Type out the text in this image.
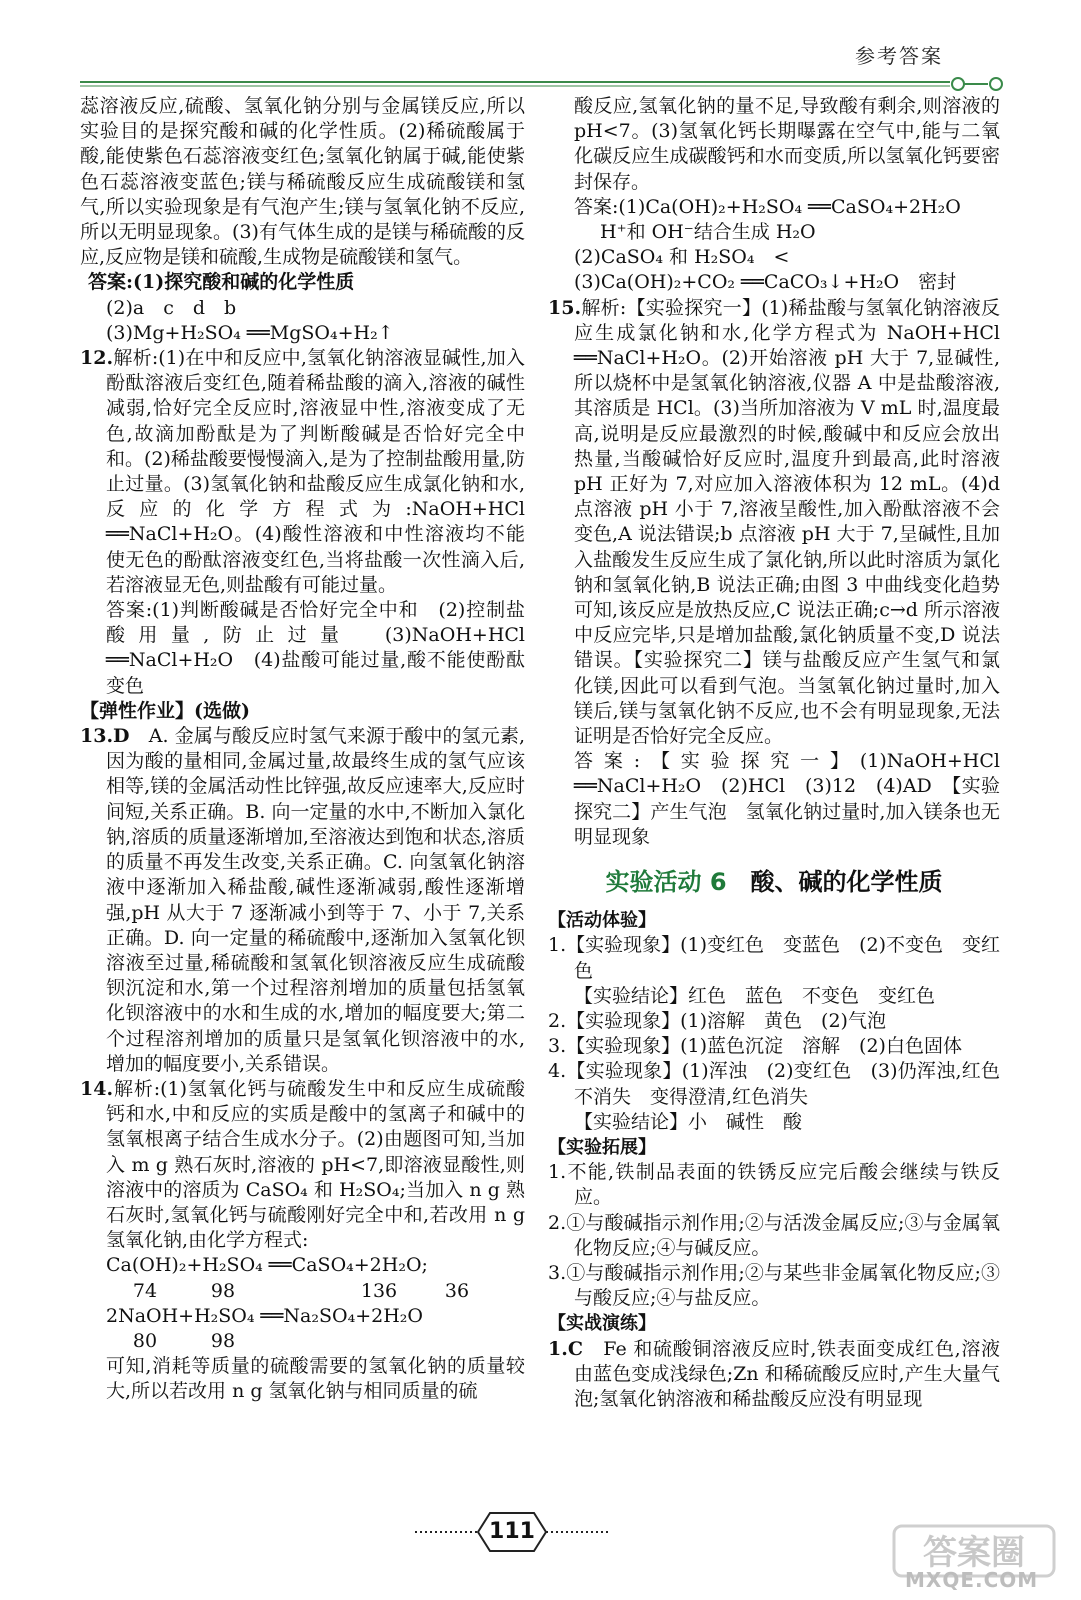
参考答案

蕊溶液反应,硫酸、氢氧化钠分别与金属镁反应,所以实验目的是探究酸和碱的化学性质。(2)稀硫酸属于酸,能使紫色石蕊溶液变红色;氢氧化钠属于碱,能使紫色石蕊溶液变蓝色;镁与稀硫酸反应生成硫酸镁和氢气,所以实验现象是有气泡产生;镁与氢氧化钠不反应,所以无明显现象。(3)有气体生成的是镁与稀硫酸的反应,反应物是镁和硫酸,生成物是硫酸镁和氢气。

答案:(1)探究酸和碱的化学性质

(2)a　c　d　b

(3)Mg+H₂SO₄ ══MgSO₄+H₂↑

12.解析:(1)在中和反应中,氢氧化钠溶液显碱性,加入酚酞溶液后变红色,随着稀盐酸的滴入,溶液的碱性减弱,恰好完全反应时,溶液显中性,溶液变成了无色,故滴加酚酞是为了判断酸碱是否恰好完全中和。(2)稀盐酸要慢慢滴入,是为了控制盐酸用量,防止过量。(3)氢氧化钠和盐酸反应生成氯化钠和水,反应的化学方程式为:NaOH+HCl ══NaCl+H₂O。(4)酸性溶液和中性溶液均不能使无色的酚酞溶液变红色,当将盐酸一次性滴入后,若溶液显无色,则盐酸有可能过量。

答案:(1)判断酸碱是否恰好完全中和　(2)控制盐酸用量,防止过量　(3)NaOH+HCl ══NaCl+H₂O　(4)盐酸可能过量,酸不能使酚酞变色

【弹性作业】(选做)

13.D　 A. 金属与酸反应时氢气来源于酸中的氢元素,因为酸的量相同,金属过量,故最终生成的氢气应该相等,镁的金属活动性比锌强,故反应速率大,反应时间短,关系正确。B. 向一定量的水中,不断加入氯化钠,溶质的质量逐渐增加,至溶液达到饱和状态,溶质的质量不再发生改变,关系正确。C. 向氢氧化钠溶液中逐渐加入稀盐酸,碱性逐渐减弱,酸性逐渐增强,pH 从大于 7 逐渐减小到等于 7、小于 7,关系正确。D. 向一定量的稀硫酸中,逐渐加入氢氧化钡溶液至过量,稀硫酸和氢氧化钡溶液反应生成硫酸钡沉淀和水,第一个过程溶剂增加的质量包括氢氧化钡溶液中的水和生成的水,增加的幅度要大;第二个过程溶剂增加的质量只是氢氧化钡溶液中的水,增加的幅度要小,关系错误。

14.解析:(1)氢氧化钙与硫酸发生中和反应生成硫酸钙和水,中和反应的实质是酸中的氢离子和碱中的氢氧根离子结合生成水分子。(2)由题图可知,当加入 m g 熟石灰时,溶液的 pH<7,即溶液显酸性,则溶液中的溶质为 CaSO₄ 和 H₂SO₄;当加入 n g 熟石灰时,氢氧化钙与硫酸刚好完全中和,若改用 n g 氢氧化钠,由化学方程式:

Ca(OH)₂+H₂SO₄ ══CaSO₄+2H₂O;

74	98	136	36

2NaOH+H₂SO₄ ══Na₂SO₄+2H₂O

80	98

可知,消耗等质量的硫酸需要的氢氧化钠的质量较大,所以若改用 n g 氢氧化钠与相同质量的硫

酸反应,氢氧化钠的量不足,导致酸有剩余,则溶液的 pH<7。(3)氢氧化钙长期曝露在空气中,能与二氧化碳反应生成碳酸钙和水而变质,所以氢氧化钙要密封保存。

答案:(1)Ca(OH)₂+H₂SO₄ ══CaSO₄+2H₂O

H⁺和 OH⁻结合生成 H₂O

(2)CaSO₄ 和 H₂SO₄　<

(3)Ca(OH)₂+CO₂ ══CaCO₃↓+H₂O　密封

15.解析:【实验探究一】(1)稀盐酸与氢氧化钠溶液反应生成氯化钠和水,化学方程式为 NaOH+HCl ══NaCl+H₂O。(2)开始溶液 pH 大于 7,显碱性,所以烧杯中是氢氧化钠溶液,仪器 A 中是盐酸溶液,其溶质是 HCl。(3)当所加溶液为 V mL 时,温度最高,说明是反应最激烈的时候,酸碱中和反应会放出热量,当酸碱恰好反应时,温度升到最高,此时溶液 pH 正好为 7,对应加入溶液体积为 12 mL。(4)d 点溶液 pH 小于 7,溶液呈酸性,加入酚酞溶液不会变色,A 说法错误;b 点溶液 pH 大于 7,呈碱性,且加入盐酸发生反应生成了氯化钠,所以此时溶质为氯化钠和氢氧化钠,B 说法正确;由图 3 中曲线变化趋势可知,该反应是放热反应,C 说法正确;c→d 所示溶液中反应完毕,只是增加盐酸,氯化钠质量不变,D 说法错误。【实验探究二】镁与盐酸反应产生氢气和氯化镁,因此可以看到气泡。当氢氧化钠过量时,加入镁后,镁与氢氧化钠不反应,也不会有明显现象,无法证明是否恰好完全反应。

答案:【实验探究一】(1)NaOH+HCl ══NaCl+H₂O　(2)HCl　(3)12　(4)AD　【实验探究二】产生气泡　氢氧化钠过量时,加入镁条也无明显现象

实验活动 6　 酸、碱的化学性质

【活动体验】

1.【实验现象】(1)变红色　变蓝色　(2)不变色　变红色

【实验结论】红色　蓝色　不变色　变红色

2.【实验现象】(1)溶解　黄色　(2)气泡

3.【实验现象】(1)蓝色沉淀　溶解　(2)白色固体

4.【实验现象】(1)浑浊　(2)变红色　(3)仍浑浊,红色不消失　变得澄清,红色消失

【实验结论】小　碱性　酸

【实验拓展】

1.不能,铁制品表面的铁锈反应完后酸会继续与铁反应。

2.①与酸碱指示剂作用;②与活泼金属反应;③与金属氧化物反应;④与碱反应。

3.①与酸碱指示剂作用;②与某些非金属氧化物反应;③与酸反应;④与盐反应。

【实战演练】

1.C　 Fe 和硫酸铜溶液反应时,铁表面变成红色,溶液由蓝色变成浅绿色;Zn 和稀硫酸反应时,产生大量气泡;氢氧化钠溶液和稀盐酸反应没有明显现

111
答案圈
MXQE.COM
